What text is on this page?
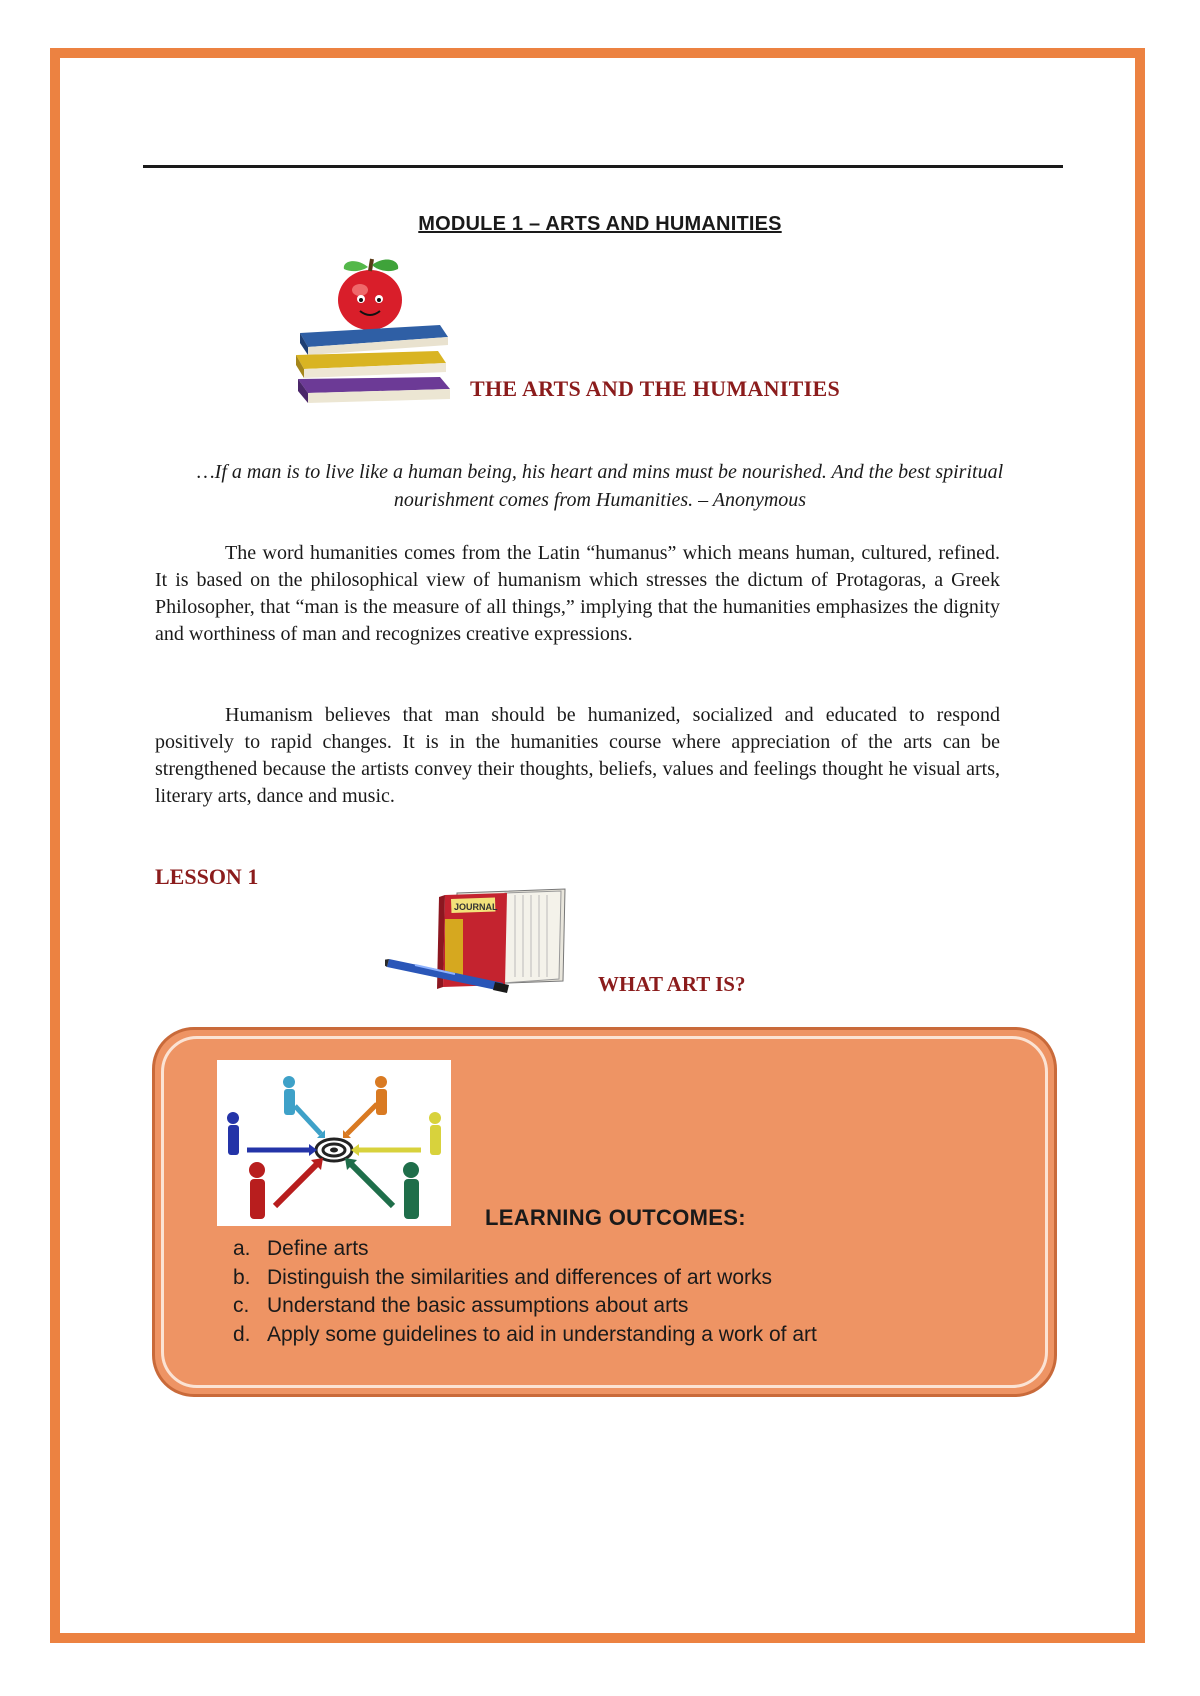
MODULE 1 – ARTS AND HUMANITIES
THE ARTS AND THE HUMANITIES
…If a man is to live like a human being, his heart and mins must be nourished. And the best spiritual nourishment comes from Humanities. – Anonymous

The word humanities comes from the Latin “humanus” which means human, cultured, refined. It is based on the philosophical view of humanism which stresses the dictum of Protagoras, a Greek Philosopher, that “man is the measure of all things,” implying that the humanities emphasizes the dignity and worthiness of man and recognizes creative expressions.

Humanism believes that man should be humanized, socialized and educated to respond positively to rapid changes. It is in the humanities course where appreciation of the arts can be strengthened because the artists convey their thoughts, beliefs, values and feelings thought he visual arts, literary arts, dance and music.

LESSON 1
JOURNAL
WHAT ART IS?
LEARNING OUTCOMES:
a. Define arts
b. Distinguish the similarities and differences of art works
c. Understand the basic assumptions about arts
d. Apply some guidelines to aid in understanding a work of art
